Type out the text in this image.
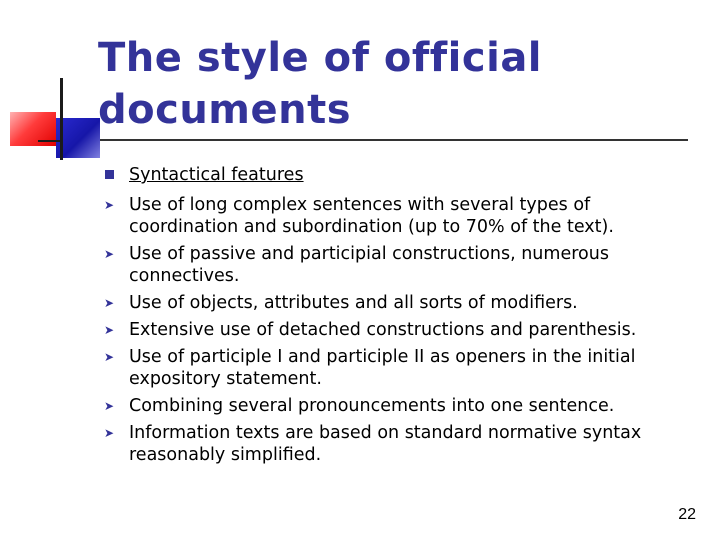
The style of official documents
Syntactical features
➤ Use of long complex sentences with several types of coordination and subordination (up to 70% of the text).
➤ Use of passive and participial constructions, numerous connectives.
➤ Use of objects, attributes and all sorts of modifiers.
➤ Extensive use of detached constructions and parenthesis.
➤ Use of participle I and participle II as openers in the initial expository statement.
➤ Combining several pronouncements into one sentence.
➤ Information texts are based on standard normative syntax reasonably simplified.
22
